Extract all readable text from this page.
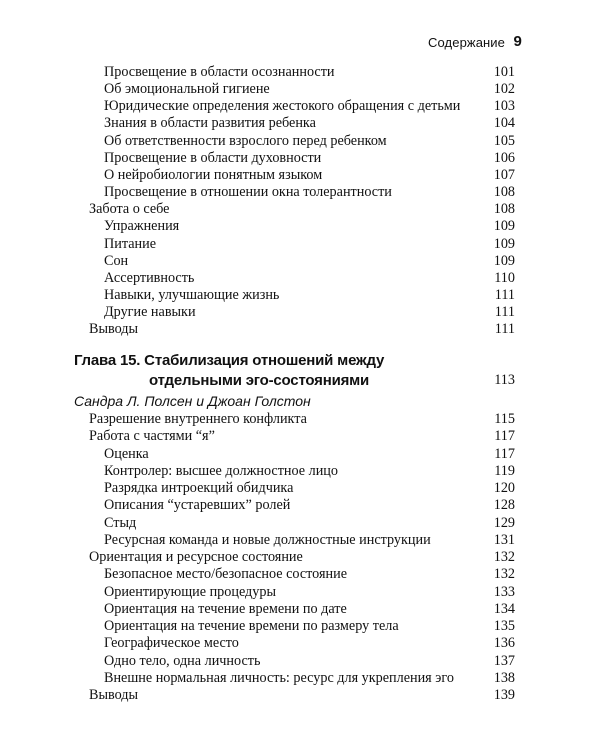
Содержание 9
Просвещение в области осознанности	101
Об эмоциональной гигиене	102
Юридические определения жестокого обращения с детьми	103
Знания в области развития ребенка	104
Об ответственности взрослого перед ребенком	105
Просвещение в области духовности	106
О нейробиологии понятным языком	107
Просвещение в отношении окна толерантности	108
Забота о себе	108
Упражнения	109
Питание	109
Сон	109
Ассертивность	110
Навыки, улучшающие жизнь	111
Другие навыки	111
Выводы	111
Разрешение внутреннего конфликта	115
Работа с частями “я”	117
Оценка	117
Контролер: высшее должностное лицо	119
Разрядка интроекций обидчика	120
Описания “устаревших” ролей	128
Стыд	129
Ресурсная команда и новые должностные инструкции	131
Ориентация и ресурсное состояние	132
Безопасное место/безопасное состояние	132
Ориентирующие процедуры	133
Ориентация на течение времени по дате	134
Ориентация на течение времени по размеру тела	135
Географическое место	136
Одно тело, одна личность	137
Внешне нормальная личность: ресурс для укрепления эго	138
Выводы	139
Глава 15. Стабилизация отношений между
отдельными эго-состояниями	113
Сандра Л. Полсен и Джоан Голстон
